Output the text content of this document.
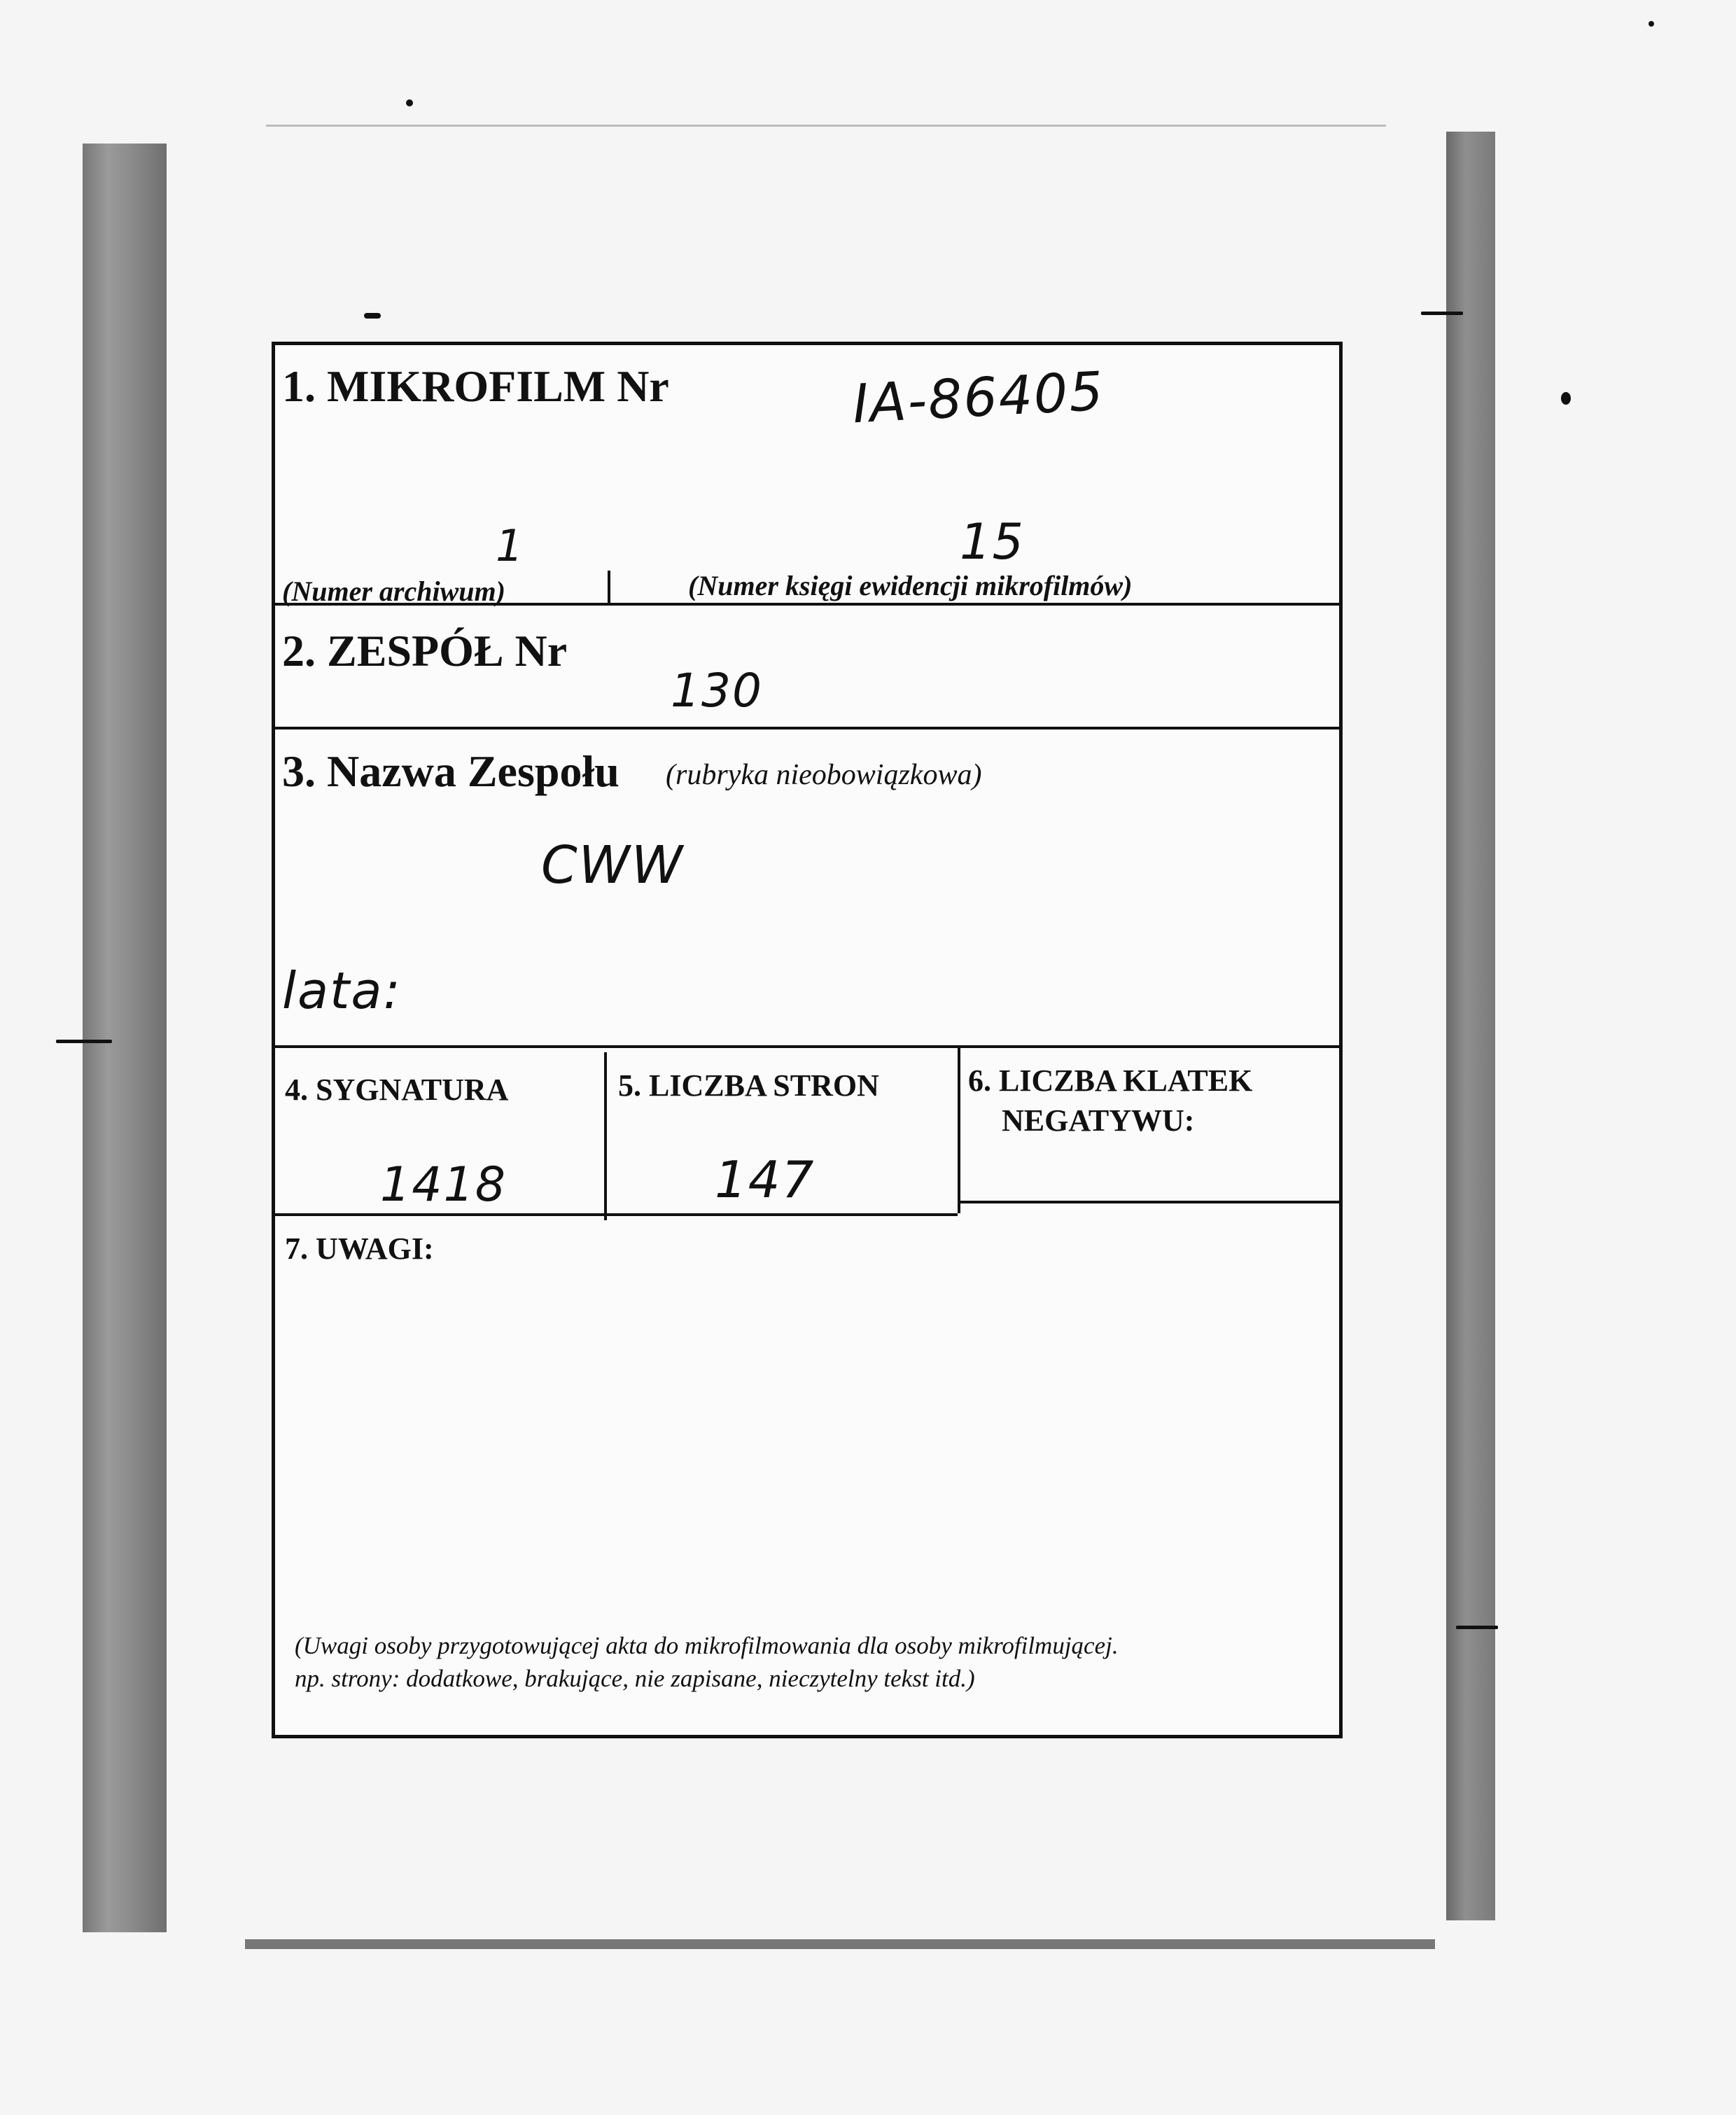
1. MIKROFILM Nr	IA-86405
1	15
(Numer archiwum)	(Numer księgi ewidencji mikrofilmów)
2. ZESPÓŁ Nr
130
3. Nazwa Zespołu (rubryka nieobowiązkowa)
CWW
lata:
4. SYGNATURA
1418
5. LICZBA STRON
147
6. LICZBA KLATEK
NEGATYWU:
7. UWAGI:
(Uwagi osoby przygotowującej akta do mikrofilmowania dla osoby mikrofilmującej.
np. strony: dodatkowe, brakujące, nie zapisane, nieczytelny tekst itd.)
